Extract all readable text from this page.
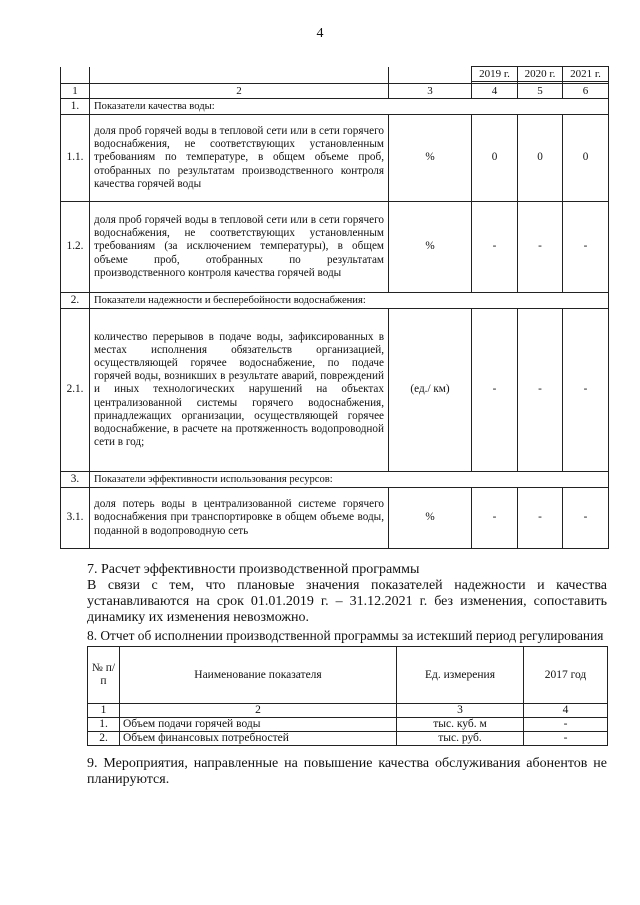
4
			2019 г.	2020 г.	2021 г.

1	2	3	4	5	6
1.	Показатели качества воды:				
1.1.	доля проб горячей воды в тепловой сети или в сети горячего водоснабжения, не соответствующих установленным требованиям по температуре, в общем объеме проб, отобранных по результатам производственного контроля качества горячей воды	%	0	0	0
1.2.	доля проб горячей воды в тепловой сети или в сети горячего водоснабжения, не соответствующих установленным требованиям (за исключением температуры), в общем объеме проб, отобранных по результатам производственного контроля качества горячей воды	%	-	-	-
2.	Показатели надежности и бесперебойности водоснабжения:				
2.1.	количество перерывов в подаче воды, зафиксированных в местах исполнения обязательств организацией, осуществляющей горячее водоснабжение, по подаче горячей воды, возникших в результате аварий, повреждений и иных технологических нарушений на объектах централизованной системы горячего водоснабжения, принадлежащих организации, осуществляющей горячее водоснабжение, в расчете на протяженность водопроводной сети в год;	(ед./ км)	-	-	-
3.	Показатели эффективности использования ресурсов:				
3.1.	доля потерь воды в централизованной системе горячего водоснабжения при транспортировке в общем объеме воды, поданной в водопроводную сеть	%	-	-	-
7. Расчет эффективности производственной программы
В связи с тем, что плановые значения показателей надежности и качества устанавливаются на срок 01.01.2019 г. – 31.12.2021 г. без изменения, сопоставить динамику их изменения невозможно.
8. Отчет об исполнении производственной программы за истекший период регулирования
№ п/п	Наименование показателя	Ед. измерения	2017 год
1	2	3	4
1.	Объем подачи горячей воды	тыс. куб. м	-
2.	Объем финансовых потребностей	тыс. руб.	-
9. Мероприятия, направленные на повышение качества обслуживания абонентов не планируются.
